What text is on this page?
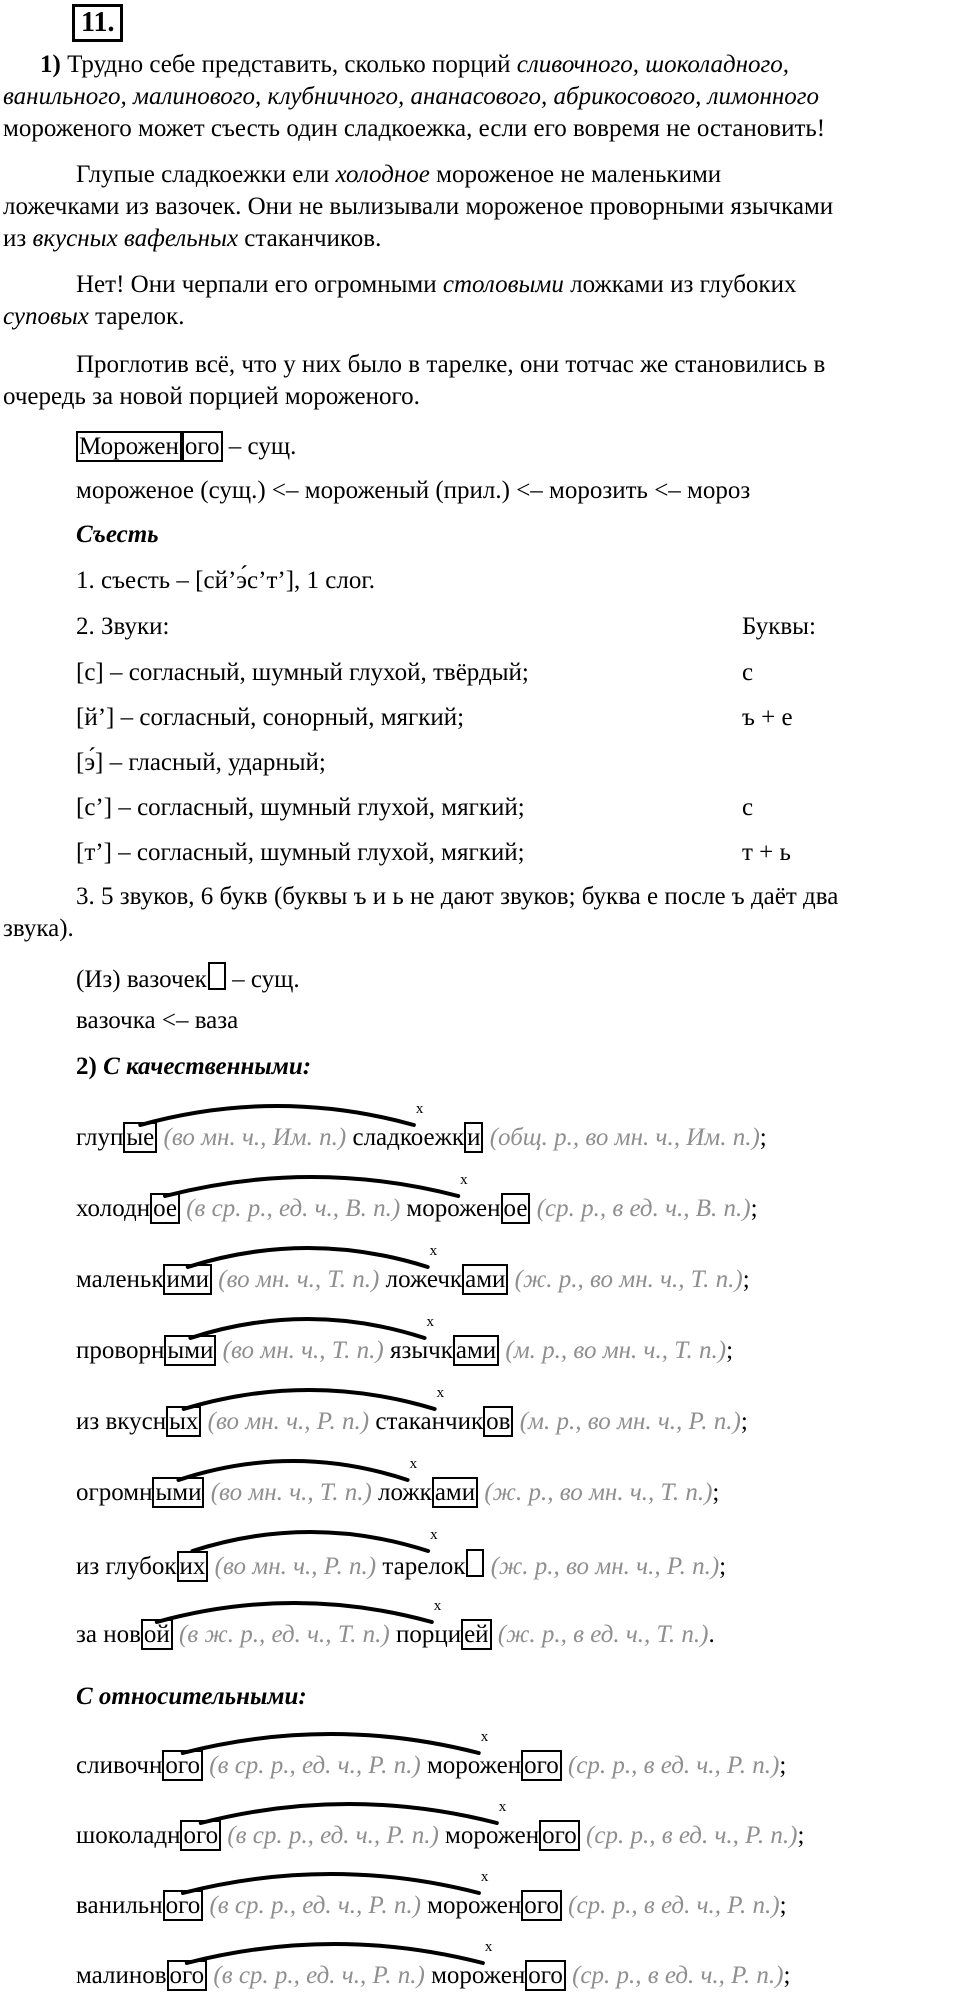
11.
1) Трудно себе представить, сколько порций сливочного, шоколадного,
ванильного, малинового, клубничного, ананасового, абрикосового, лимонного
мороженого может съесть один сладкоежка, если его вовремя не остановить!
Глупые сладкоежки ели холодное мороженое не маленькими
ложечками из вазочек. Они не вылизывали мороженое проворными язычками
из вкусных вафельных стаканчиков.
Нет! Они черпали его огромными столовыми ложками из глубоких
суповых тарелок.
Проглотив всё, что у них было в тарелке, они тотчас же становились в
очередь за новой порцией мороженого.
Морожен ого – сущ.
мороженое (сущ.) <– мороженый (прил.) <– морозить <– мороз
Съесть
1. съесть – [сй’э́с’т’], 1 слог.
2. Звуки:	Буквы:
[с] – согласный, шумный глухой, твёрдый;	с
[й’] – согласный, сонорный, мягкий;	ъ + е
[э́] – гласный, ударный;
[с’] – согласный, шумный глухой, мягкий;	с
[т’] – согласный, шумный глухой, мягкий;	т + ь
3. 5 звуков, 6 букв (буквы ъ и ь не дают звуков; буква е после ъ даёт два
звука).
(Из) вазочек – сущ.
вазочка <– ваза
2) С качественными:
глуп ые (во мн. ч., Им. п.) сладкоежк и (общ. р., во мн. ч., Им. п.);
холодн ое (в ср. р., ед. ч., В. п.) морожен ое (ср. р., в ед. ч., В. п.);
маленьк ими (во мн. ч., Т. п.) ложечк ами (ж. р., во мн. ч., Т. п.);
проворн ыми (во мн. ч., Т. п.) язычк ами (м. р., во мн. ч., Т. п.);
из вкусн ых (во мн. ч., Р. п.) стаканчик ов (м. р., во мн. ч., Р. п.);
огромн ыми (во мн. ч., Т. п.) ложк ами (ж. р., во мн. ч., Т. п.);
из глубок их (во мн. ч., Р. п.) тарелок (ж. р., во мн. ч., Р. п.);
за нов ой (в ж. р., ед. ч., Т. п.) порци ей (ж. р., в ед. ч., Т. п.).
С относительными:
сливочн ого (в ср. р., ед. ч., Р. п.) морожен ого (ср. р., в ед. ч., Р. п.);
шоколадн ого (в ср. р., ед. ч., Р. п.) морожен ого (ср. р., в ед. ч., Р. п.);
ванильн ого (в ср. р., ед. ч., Р. п.) морожен ого (ср. р., в ед. ч., Р. п.);
малинов ого (в ср. р., ед. ч., Р. п.) морожен ого (ср. р., в ед. ч., Р. п.);
x
x
x
x
x
x
x
x
x
x
x
x
